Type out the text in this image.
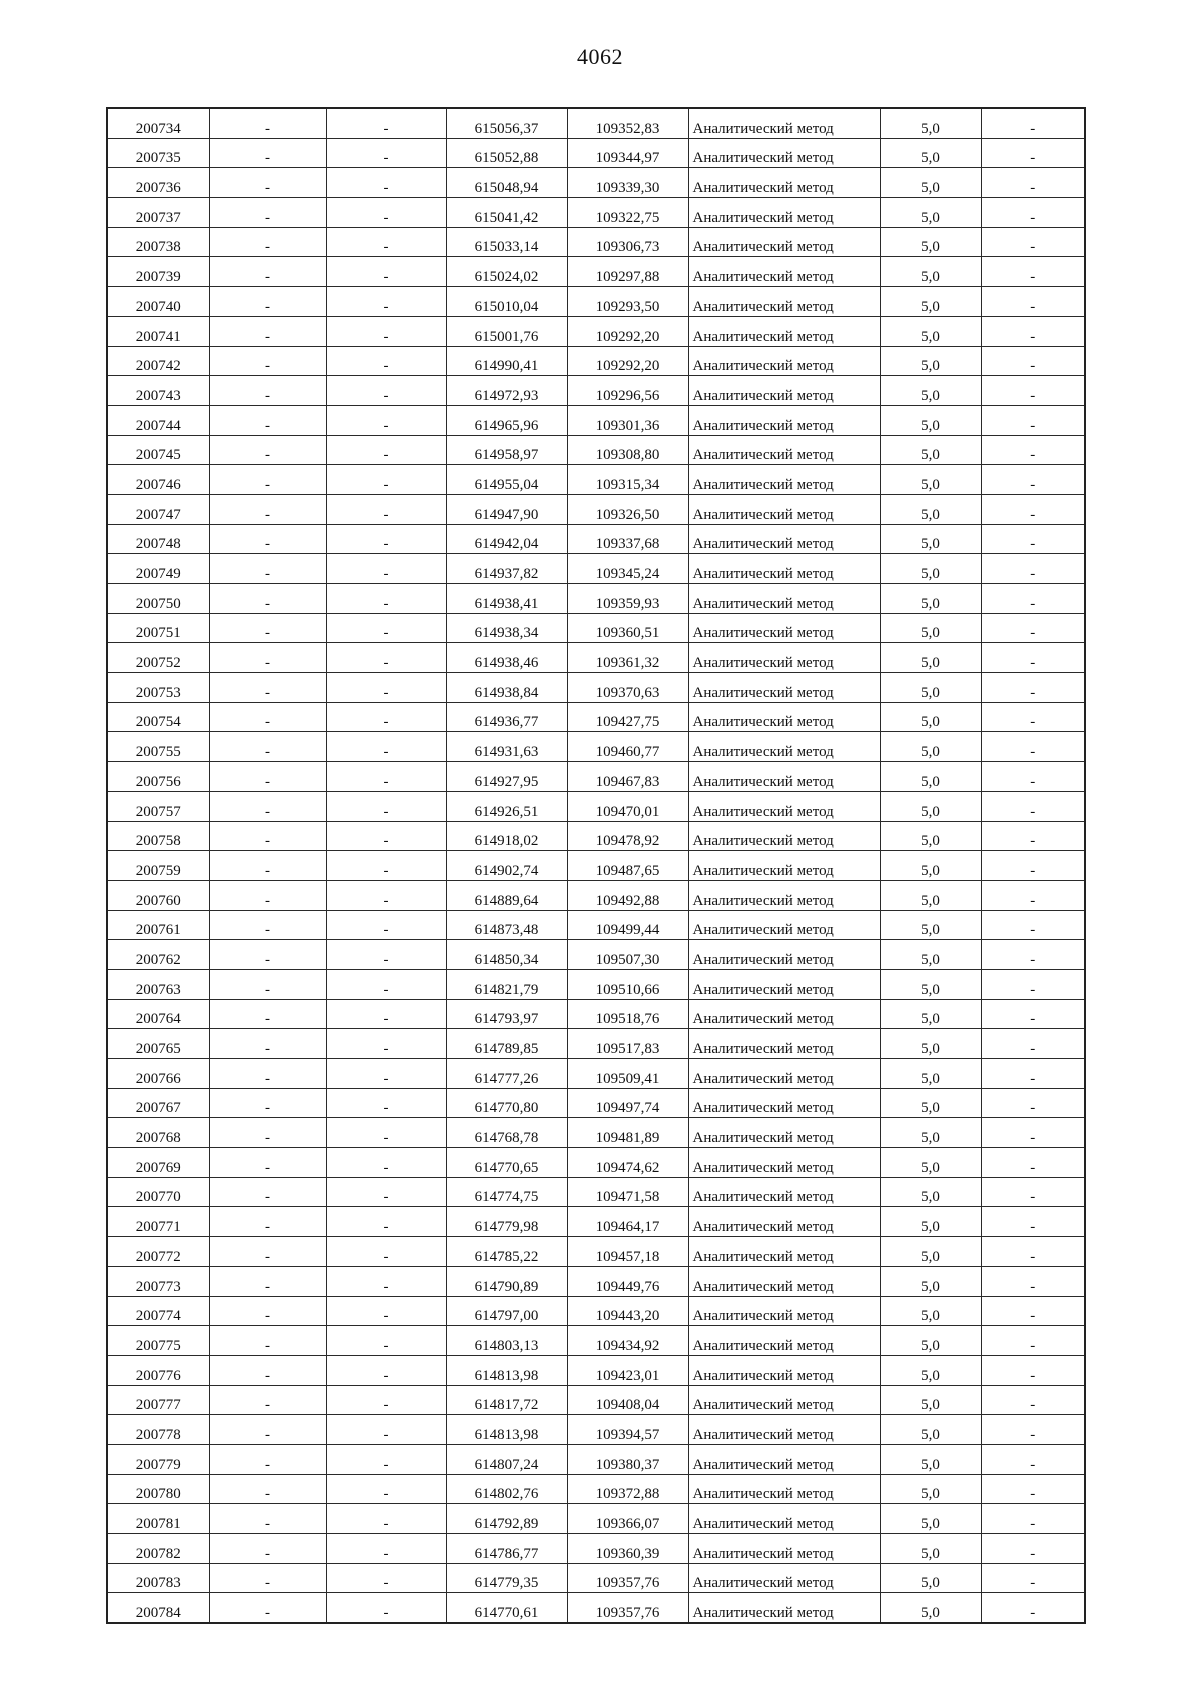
4062
200734	-	-	615056,37	109352,83	Аналитический метод	5,0	-
200735	-	-	615052,88	109344,97	Аналитический метод	5,0	-
200736	-	-	615048,94	109339,30	Аналитический метод	5,0	-
200737	-	-	615041,42	109322,75	Аналитический метод	5,0	-
200738	-	-	615033,14	109306,73	Аналитический метод	5,0	-
200739	-	-	615024,02	109297,88	Аналитический метод	5,0	-
200740	-	-	615010,04	109293,50	Аналитический метод	5,0	-
200741	-	-	615001,76	109292,20	Аналитический метод	5,0	-
200742	-	-	614990,41	109292,20	Аналитический метод	5,0	-
200743	-	-	614972,93	109296,56	Аналитический метод	5,0	-
200744	-	-	614965,96	109301,36	Аналитический метод	5,0	-
200745	-	-	614958,97	109308,80	Аналитический метод	5,0	-
200746	-	-	614955,04	109315,34	Аналитический метод	5,0	-
200747	-	-	614947,90	109326,50	Аналитический метод	5,0	-
200748	-	-	614942,04	109337,68	Аналитический метод	5,0	-
200749	-	-	614937,82	109345,24	Аналитический метод	5,0	-
200750	-	-	614938,41	109359,93	Аналитический метод	5,0	-
200751	-	-	614938,34	109360,51	Аналитический метод	5,0	-
200752	-	-	614938,46	109361,32	Аналитический метод	5,0	-
200753	-	-	614938,84	109370,63	Аналитический метод	5,0	-
200754	-	-	614936,77	109427,75	Аналитический метод	5,0	-
200755	-	-	614931,63	109460,77	Аналитический метод	5,0	-
200756	-	-	614927,95	109467,83	Аналитический метод	5,0	-
200757	-	-	614926,51	109470,01	Аналитический метод	5,0	-
200758	-	-	614918,02	109478,92	Аналитический метод	5,0	-
200759	-	-	614902,74	109487,65	Аналитический метод	5,0	-
200760	-	-	614889,64	109492,88	Аналитический метод	5,0	-
200761	-	-	614873,48	109499,44	Аналитический метод	5,0	-
200762	-	-	614850,34	109507,30	Аналитический метод	5,0	-
200763	-	-	614821,79	109510,66	Аналитический метод	5,0	-
200764	-	-	614793,97	109518,76	Аналитический метод	5,0	-
200765	-	-	614789,85	109517,83	Аналитический метод	5,0	-
200766	-	-	614777,26	109509,41	Аналитический метод	5,0	-
200767	-	-	614770,80	109497,74	Аналитический метод	5,0	-
200768	-	-	614768,78	109481,89	Аналитический метод	5,0	-
200769	-	-	614770,65	109474,62	Аналитический метод	5,0	-
200770	-	-	614774,75	109471,58	Аналитический метод	5,0	-
200771	-	-	614779,98	109464,17	Аналитический метод	5,0	-
200772	-	-	614785,22	109457,18	Аналитический метод	5,0	-
200773	-	-	614790,89	109449,76	Аналитический метод	5,0	-
200774	-	-	614797,00	109443,20	Аналитический метод	5,0	-
200775	-	-	614803,13	109434,92	Аналитический метод	5,0	-
200776	-	-	614813,98	109423,01	Аналитический метод	5,0	-
200777	-	-	614817,72	109408,04	Аналитический метод	5,0	-
200778	-	-	614813,98	109394,57	Аналитический метод	5,0	-
200779	-	-	614807,24	109380,37	Аналитический метод	5,0	-
200780	-	-	614802,76	109372,88	Аналитический метод	5,0	-
200781	-	-	614792,89	109366,07	Аналитический метод	5,0	-
200782	-	-	614786,77	109360,39	Аналитический метод	5,0	-
200783	-	-	614779,35	109357,76	Аналитический метод	5,0	-
200784	-	-	614770,61	109357,76	Аналитический метод	5,0	-
